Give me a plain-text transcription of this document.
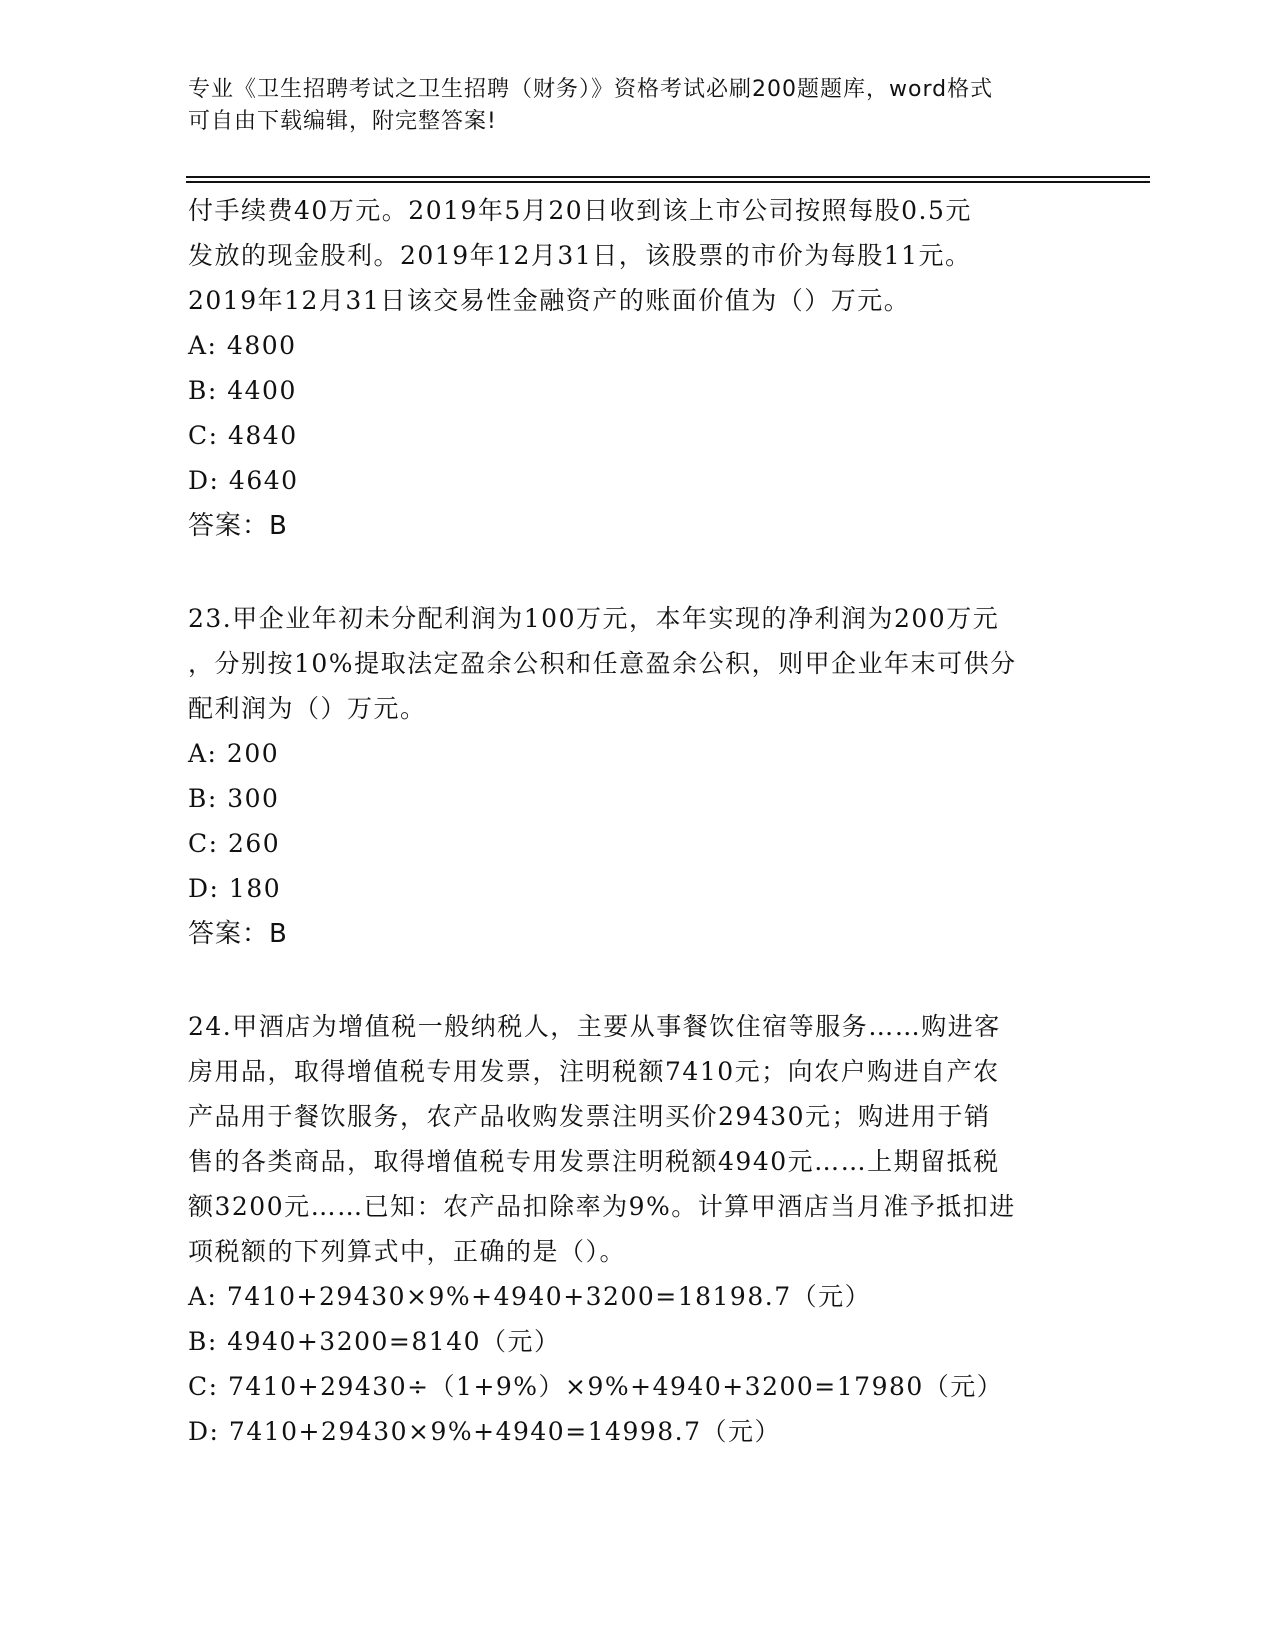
专业《卫生招聘考试之卫生招聘（财务）》资格考试必刷200题题库，word格式
可自由下载编辑，附完整答案!
付手续费40万元。2019年5月20日收到该上市公司按照每股0.5元
发放的现金股利。2019年12月31日，该股票的市价为每股11元。
2019年12月31日该交易性金融资产的账面价值为（）万元。
A: 4800
B: 4400
C: 4840
D: 4640
答案：B
23.甲企业年初未分配利润为100万元，本年实现的净利润为200万元
，分别按10%提取法定盈余公积和任意盈余公积，则甲企业年末可供分
配利润为（）万元。
A: 200
B: 300
C: 260
D: 180
答案：B
24.甲酒店为增值税一般纳税人，主要从事餐饮住宿等服务……购进客
房用品，取得增值税专用发票，注明税额7410元；向农户购进自产农
产品用于餐饮服务，农产品收购发票注明买价29430元；购进用于销
售的各类商品，取得增值税专用发票注明税额4940元……上期留抵税
额3200元……已知：农产品扣除率为9%。计算甲酒店当月准予抵扣进
项税额的下列算式中，正确的是（）。
A: 7410+29430×9%+4940+3200=18198.7（元）
B: 4940+3200=8140（元）
C: 7410+29430÷（1+9%）×9%+4940+3200=17980（元）
D: 7410+29430×9%+4940=14998.7（元）
